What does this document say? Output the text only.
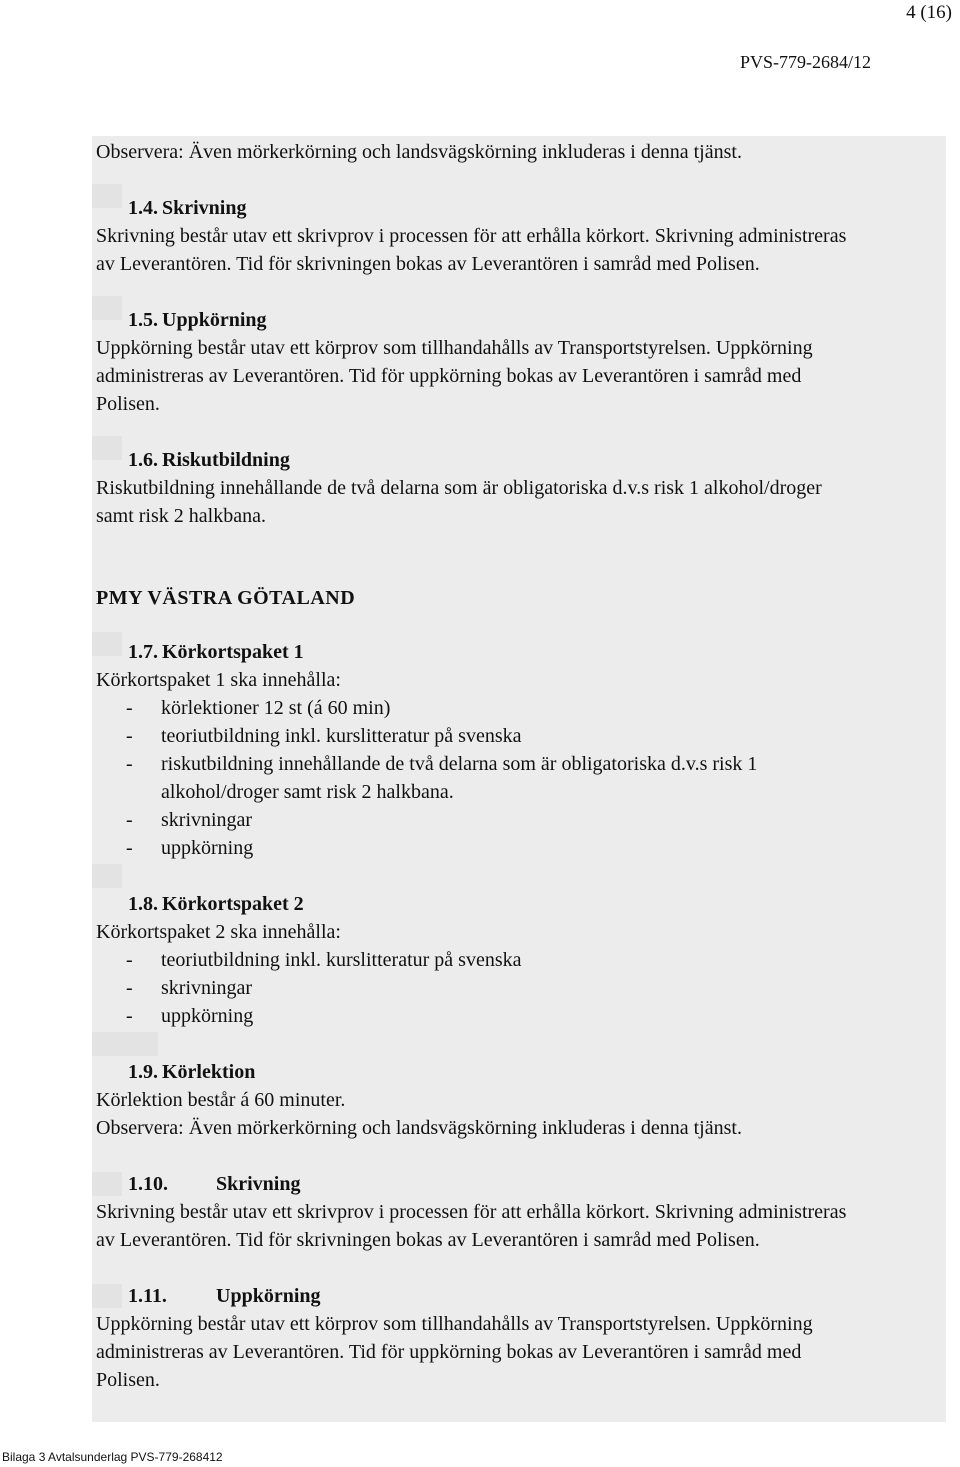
4 (16)
PVS-779-2684/12
Observera: Även mörkerkörning och landsvägskörning inkluderas i denna tjänst.
1.4. Skrivning
Skrivning består utav ett skrivprov i processen för att erhålla körkort. Skrivning administreras
av Leverantören. Tid för skrivningen bokas av Leverantören i samråd med Polisen.
1.5. Uppkörning
Uppkörning består utav ett körprov som tillhandahålls av Transportstyrelsen. Uppkörning
administreras av Leverantören. Tid för uppkörning bokas av Leverantören i samråd med
Polisen.
1.6. Riskutbildning
Riskutbildning innehållande de två delarna som är obligatoriska d.v.s risk 1 alkohol/droger
samt risk 2 halkbana.
PMY VÄSTRA GÖTALAND
1.7. Körkortspaket 1
Körkortspaket 1 ska innehålla:
- körlektioner 12 st (á 60 min)
- teoriutbildning inkl. kurslitteratur på svenska
- riskutbildning innehållande de två delarna som är obligatoriska d.v.s risk 1
alkohol/droger samt risk 2 halkbana.
- skrivningar
- uppkörning
1.8. Körkortspaket 2
Körkortspaket 2 ska innehålla:
- teoriutbildning inkl. kurslitteratur på svenska
- skrivningar
- uppkörning
1.9. Körlektion
Körlektion består á 60 minuter.
Observera: Även mörkerkörning och landsvägskörning inkluderas i denna tjänst.
1.10. Skrivning
Skrivning består utav ett skrivprov i processen för att erhålla körkort. Skrivning administreras
av Leverantören. Tid för skrivningen bokas av Leverantören i samråd med Polisen.
1.11. Uppkörning
Uppkörning består utav ett körprov som tillhandahålls av Transportstyrelsen. Uppkörning
administreras av Leverantören. Tid för uppkörning bokas av Leverantören i samråd med
Polisen.
Bilaga 3 Avtalsunderlag PVS-779-268412
